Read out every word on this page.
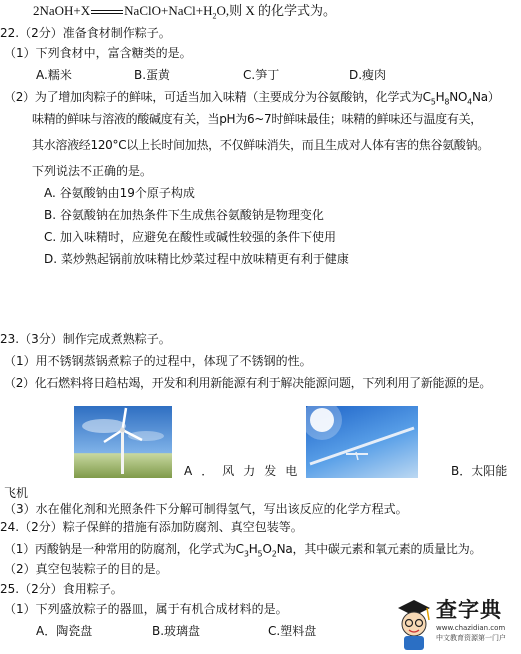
2NaOH+X	$NaClO+NaCl+H_2O$,则 X 的化学式为。
22.（2分）准备食材制作粽子。
（1）下列食材中，富含糖类的是。
A.糯米	B.蛋黄	C.笋丁	D.瘦肉
（2）为了增加肉粽子的鲜味，可适当加入味精（主要成分为谷氨酸钠，化学式为$C_5H_8NO_4Na$）
味精的鲜味与溶液的酸碱度有关，当pH为6~7时鲜味最佳；味精的鲜味还与温度有关，
其水溶液经120°C以上长时间加热，不仅鲜味消失，而且生成对人体有害的焦谷氨酸钠。
下列说法不正确的是。
A. 谷氨酸钠由19个原子构成
B. 谷氨酸钠在加热条件下生成焦谷氨酸钠是物理变化
C. 加入味精时，应避免在酸性或碱性较强的条件下使用
D. 菜炒熟起锅前放味精比炒菜过程中放味精更有利于健康
23.（3分）制作完成煮熟粽子。
（1）用不锈钢蒸锅煮粽子的过程中，体现了不锈钢的性。
（2）化石燃料将日趋枯竭，开发和利用新能源有利于解决能源问题，下列利用了新能源的是。
A．风力发电	B．太阳能
飞机
（3）水在催化剂和光照条件下分解可制得氢气，写出该反应的化学方程式。
24.（2分）粽子保鲜的措施有添加防腐剂、真空包装等。
（1）丙酸钠是一种常用的防腐剂，化学式为$C_3H_5O_2Na$，其中碳元素和氧元素的质量比为。
（2）真空包装粽子的目的是。
25.（2分）食用粽子。
（1）下列盛放粽子的器皿，属于有机合成材料的是。
A．陶瓷盘	B.玻璃盘	C.塑料盘
查字典
www.chazidian.com
中文教育资源第一门户
